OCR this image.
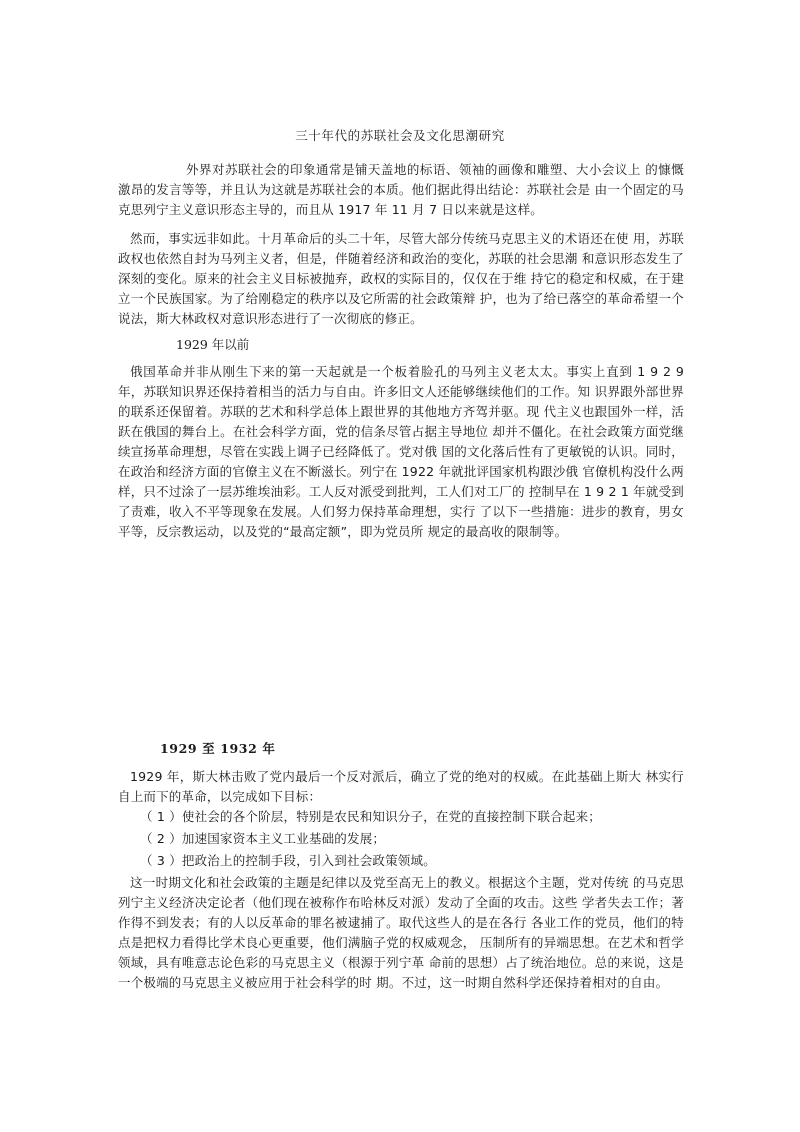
三十年代的苏联社会及文化思潮研究

外界对苏联社会的印象通常是铺天盖地的标语、领袖的画像和雕塑、大小会议上 的慷慨激昂的发言等等，并且认为这就是苏联社会的本质。他们据此得出结论：苏联社会是 由一个固定的马克思列宁主义意识形态主导的，而且从 1917 年 11 月 7 日以来就是这样。

然而，事实远非如此。十月革命后的头二十年，尽管大部分传统马克思主义的术语还在使 用，苏联政权也依然自封为马列主义者，但是，伴随着经济和政治的变化，苏联的社会思潮 和意识形态发生了深刻的变化。原来的社会主义目标被抛弃，政权的实际目的，仅仅在于维 持它的稳定和权威，在于建立一个民族国家。为了给刚稳定的秩序以及它所需的社会政策辩 护，也为了给已落空的革命希望一个说法，斯大林政权对意识形态进行了一次彻底的修正。

1929 年以前

俄国革命并非从刚生下来的第一天起就是一个板着脸孔的马列主义老太太。事实上直到 1 9 2 9 年，苏联知识界还保持着相当的活力与自由。许多旧文人还能够继续他们的工作。知 识界跟外部世界的联系还保留着。苏联的艺术和科学总体上跟世界的其他地方齐驾并驱。现 代主义也跟国外一样，活跃在俄国的舞台上。在社会科学方面，党的信条尽管占据主导地位 却并不僵化。在社会政策方面党继续宣扬革命理想，尽管在实践上调子已经降低了。党对俄 国的文化落后性有了更敏锐的认识。同时，在政治和经济方面的官僚主义在不断滋长。列宁在 1922 年就批评国家机构跟沙俄 官僚机构没什么两样，只不过涂了一层苏维埃油彩。工人反对派受到批判，工人们对工厂的 控制早在 1 9 2 1 年就受到了责难，收入不平等现象在发展。人们努力保持革命理想，实行 了以下一些措施：进步的教育，男女平等，反宗教运动，以及党的“最高定额”，即为党员所 规定的最高收的限制等。

1929 至 1932 年

1929 年，斯大林击败了党内最后一个反对派后，确立了党的绝对的权威。在此基础上斯大 林实行自上而下的革命，以完成如下目标：

（ 1 ）使社会的各个阶层，特别是农民和知识分子，在党的直接控制下联合起来；

（ 2 ）加速国家资本主义工业基础的发展；

（ 3 ）把政治上的控制手段，引入到社会政策领域。

这一时期文化和社会政策的主题是纪律以及党至高无上的教义。根据这个主题，党对传统 的马克思列宁主义经济决定论者（他们现在被称作布哈林反对派）发动了全面的攻击。这些 学者失去工作；著作得不到发表；有的人以反革命的罪名被逮捕了。取代这些人的是在各行 各业工作的党员，他们的特点是把权力看得比学术良心更重要，他们满脑子党的权威观念， 压制所有的异端思想。在艺术和哲学领域，具有唯意志论色彩的马克思主义（根源于列宁革 命前的思想）占了统治地位。总的来说，这是一个极端的马克思主义被应用于社会科学的时 期。不过，这一时期自然科学还保持着相对的自由。
